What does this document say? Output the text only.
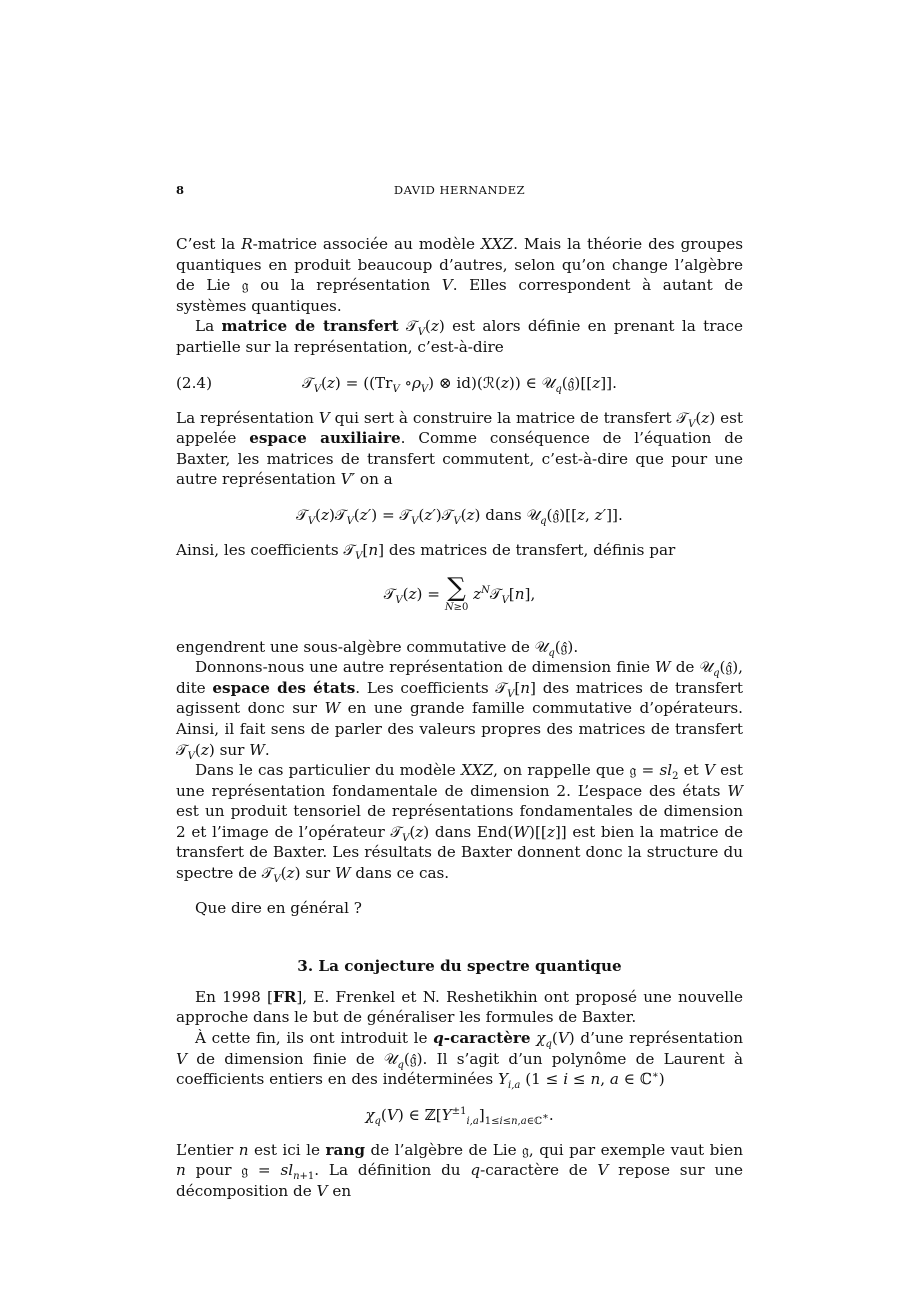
8	DAVID HERNANDEZ

C’est la R-matrice associée au modèle XXZ. Mais la théorie des groupes quantiques en produit beaucoup d’autres, selon qu’on change l’algèbre de Lie 𝔤 ou la représentation V. Elles correspondent à autant de systèmes quantiques.

La matrice de transfert 𝒯$_V$(z) est alors définie en prenant la trace partielle sur la représentation, c’est-à-dire

(2.4)	𝒯$_V$(z) = (($Tr_V$ $\circ\rho_V$) ⊗ id)(ℛ(z)) ∈ 𝒰$_q$(𝔤̂)[[z]].

La représentation V qui sert à construire la matrice de transfert 𝒯$_V$(z) est appelée espace auxiliaire. Comme conséquence de l’équation de Baxter, les matrices de transfert commutent, c’est-à-dire que pour une autre représentation V′ on a

𝒯$_V$(z)𝒯$_V$(z′) = 𝒯$_V$(z′)𝒯$_V$(z) dans 𝒰$_q$(𝔤̂)[[z, z′]].

Ainsi, les coefficients 𝒯$_V$[n] des matrices de transfert, définis par

𝒯$_V$(z) = ∑
N≥0
$z^N𝒯_V[n]$,

engendrent une sous-algèbre commutative de 𝒰$_q$(𝔤̂).

Donnons-nous une autre représentation de dimension finie W de 𝒰$_q$(𝔤̂), dite espace des états. Les coefficients 𝒯$_V$[n] des matrices de transfert agissent donc sur W en une grande famille commutative d’opérateurs. Ainsi, il fait sens de parler des valeurs propres des matrices de transfert 𝒯$_V$(z) sur W.

Dans le cas particulier du modèle XXZ, on rappelle que 𝔤 = $sl_2$ et V est une représentation fondamentale de dimension 2. L’espace des états W est un produit tensoriel de représentations fondamentales de dimension 2 et l’image de l’opérateur 𝒯$_V$(z) dans End(W)[[z]] est bien la matrice de transfert de Baxter. Les résultats de Baxter donnent donc la structure du spectre de 𝒯$_V$(z) sur W dans ce cas.

Que dire en général ?

3. La conjecture du spectre quantique

En 1998 [FR], E. Frenkel et N. Reshetikhin ont proposé une nouvelle approche dans le but de généraliser les formules de Baxter.

À cette fin, ils ont introduit le q-caractère $\chi_q(V)$ d’une représentation V de dimension finie de 𝒰$_q$(𝔤̂). Il s’agit d’un polynôme de Laurent à coefficients entiers en des indéterminées $Y_{i,a}$ (1 ≤ i ≤ n, a ∈ ℂ∗)

$\chi_q(V)$ ∈ $ℤ[Y^{\pm 1}_{i,a}]_{1\le i\le n,a\in ℂ^∗}$.

L’entier n est ici le rang de l’algèbre de Lie 𝔤, qui par exemple vaut bien n pour 𝔤 = $sl_{n+1}$. La définition du q-caractère de V repose sur une décomposition de V en
